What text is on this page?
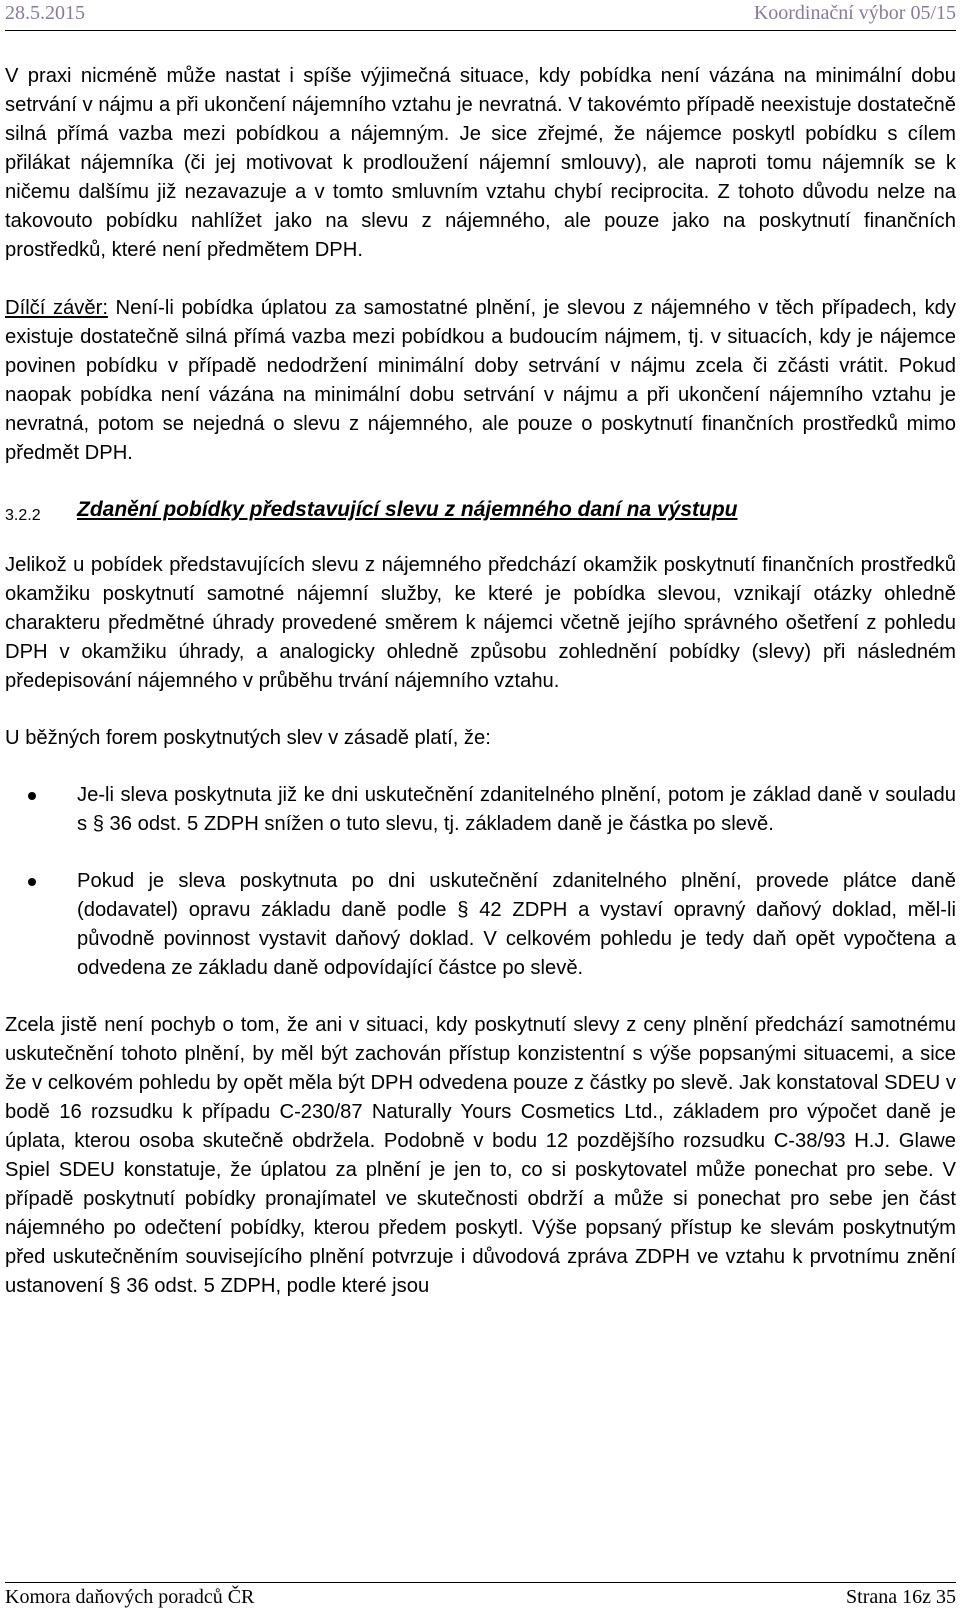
28.5.2015	Koordinační výbor 05/15

V praxi nicméně může nastat i spíše výjimečná situace, kdy pobídka není vázána na minimální dobu setrvání v nájmu a při ukončení nájemního vztahu je nevratná. V takovémto případě neexistuje dostatečně silná přímá vazba mezi pobídkou a nájemným. Je sice zřejmé, že nájemce poskytl pobídku s cílem přilákat nájemníka (či jej motivovat k prodloužení nájemní smlouvy), ale naproti tomu nájemník se k ničemu dalšímu již nezavazuje a v tomto smluvním vztahu chybí reciprocita. Z tohoto důvodu nelze na takovouto pobídku nahlížet jako na slevu z nájemného, ale pouze jako na poskytnutí finančních prostředků, které není předmětem DPH.

Dílčí závěr: Není-li pobídka úplatou za samostatné plnění, je slevou z nájemného v těch případech, kdy existuje dostatečně silná přímá vazba mezi pobídkou a budoucím nájmem, tj. v situacích, kdy je nájemce povinen pobídku v případě nedodržení minimální doby setrvání v nájmu zcela či zčásti vrátit. Pokud naopak pobídka není vázána na minimální dobu setrvání v nájmu a při ukončení nájemního vztahu je nevratná, potom se nejedná o slevu z nájemného, ale pouze o poskytnutí finančních prostředků mimo předmět DPH.

3.2.2 Zdanění pobídky představující slevu z nájemného daní na výstupu

Jelikož u pobídek představujících slevu z nájemného předchází okamžik poskytnutí finančních prostředků okamžiku poskytnutí samotné nájemní služby, ke které je pobídka slevou, vznikají otázky ohledně charakteru předmětné úhrady provedené směrem k nájemci včetně jejího správného ošetření z pohledu DPH v okamžiku úhrady, a analogicky ohledně způsobu zohlednění pobídky (slevy) při následném předepisování nájemného v průběhu trvání nájemního vztahu.

U běžných forem poskytnutých slev v zásadě platí, že:

Je-li sleva poskytnuta již ke dni uskutečnění zdanitelného plnění, potom je základ daně v souladu s § 36 odst. 5 ZDPH snížen o tuto slevu, tj. základem daně je částka po slevě.
Pokud je sleva poskytnuta po dni uskutečnění zdanitelného plnění, provede plátce daně (dodavatel) opravu základu daně podle § 42 ZDPH a vystaví opravný daňový doklad, měl-li původně povinnost vystavit daňový doklad. V celkovém pohledu je tedy daň opět vypočtena a odvedena ze základu daně odpovídající částce po slevě.

Zcela jistě není pochyb o tom, že ani v situaci, kdy poskytnutí slevy z ceny plnění předchází samotnému uskutečnění tohoto plnění, by měl být zachován přístup konzistentní s výše popsanými situacemi, a sice že v celkovém pohledu by opět měla být DPH odvedena pouze z částky po slevě. Jak konstatoval SDEU v bodě 16 rozsudku k případu C-230/87 Naturally Yours Cosmetics Ltd., základem pro výpočet daně je úplata, kterou osoba skutečně obdržela. Podobně v bodu 12 pozdějšího rozsudku C-38/93 H.J. Glawe Spiel SDEU konstatuje, že úplatou za plnění je jen to, co si poskytovatel může ponechat pro sebe. V případě poskytnutí pobídky pronajímatel ve skutečnosti obdrží a může si ponechat pro sebe jen část nájemného po odečtení pobídky, kterou předem poskytl. Výše popsaný přístup ke slevám poskytnutým před uskutečněním souvisejícího plnění potvrzuje i důvodová zpráva ZDPH ve vztahu k prvotnímu znění ustanovení § 36 odst. 5 ZDPH, podle které jsou

Komora daňových poradců ČR	Strana 16z 35
